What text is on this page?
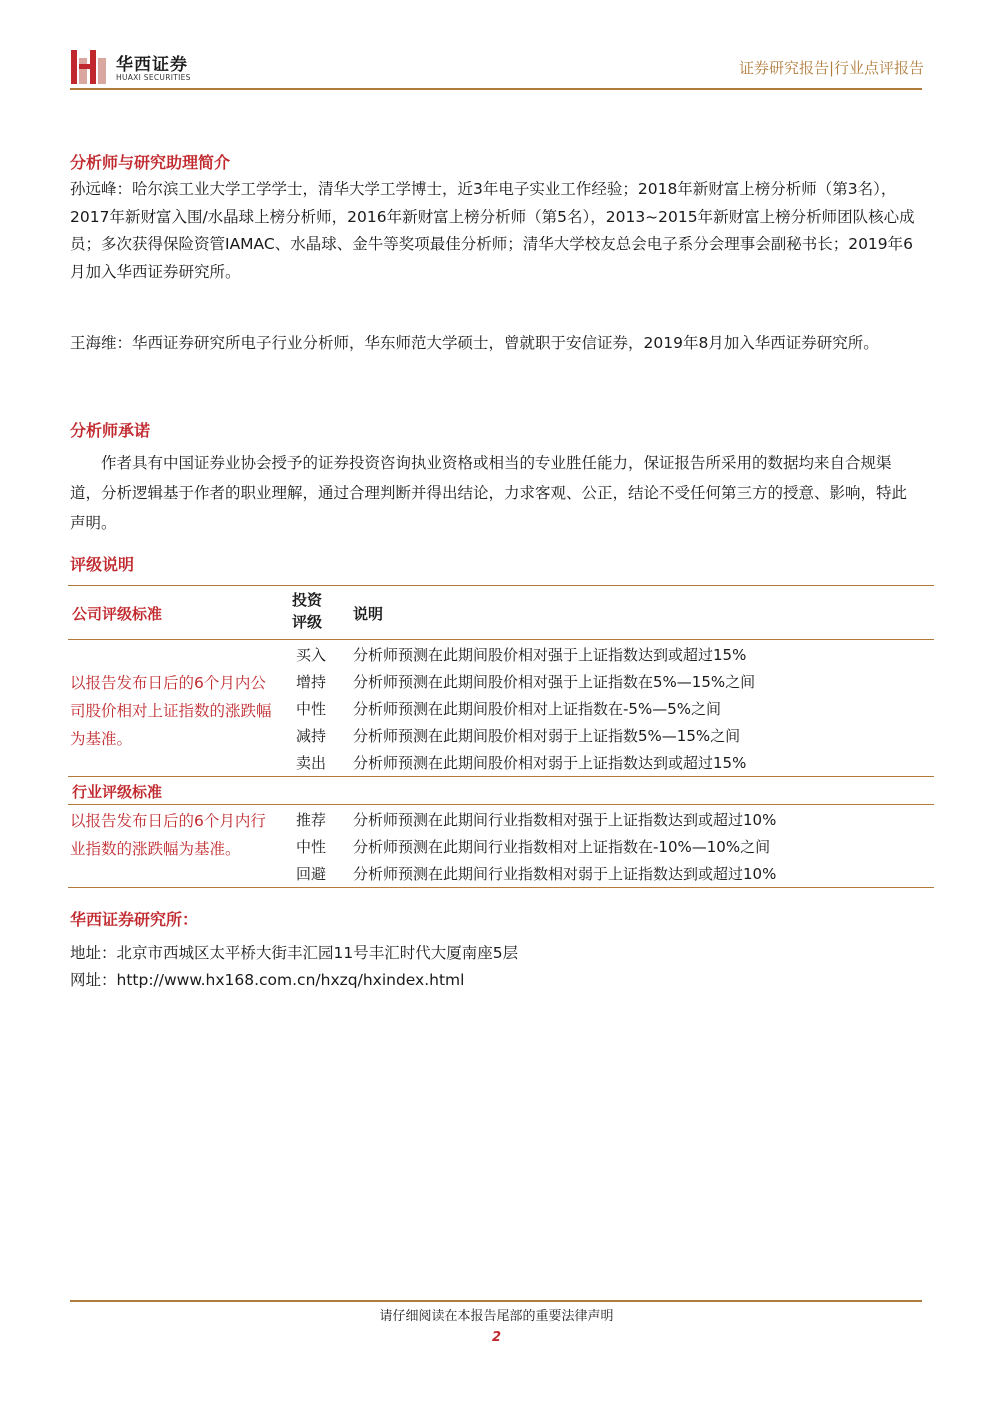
华西证券
HUAXI SECURITIES
证券研究报告|行业点评报告
分析师与研究助理简介
孙远峰：哈尔滨工业大学工学学士，清华大学工学博士，近3年电子实业工作经验；2018年新财富上榜分析师（第3名），2017年新财富入围/水晶球上榜分析师，2016年新财富上榜分析师（第5名），2013~2015年新财富上榜分析师团队核心成员；多次获得保险资管IAMAC、水晶球、金牛等奖项最佳分析师；清华大学校友总会电子系分会理事会副秘书长；2019年6月加入华西证券研究所。
王海维：华西证券研究所电子行业分析师，华东师范大学硕士，曾就职于安信证券，2019年8月加入华西证券研究所。
分析师承诺
作者具有中国证券业协会授予的证券投资咨询执业资格或相当的专业胜任能力，保证报告所采用的数据均来自合规渠道，分析逻辑基于作者的职业理解，通过合理判断并得出结论，力求客观、公正，结论不受任何第三方的授意、影响，特此声明。
评级说明
公司评级标准
投资评级 说明
以报告发布日后的6个月内公司股价相对上证指数的涨跌幅为基准。
买入	分析师预测在此期间股价相对强于上证指数达到或超过15%
增持	分析师预测在此期间股价相对强于上证指数在5%—15%之间
中性	分析师预测在此期间股价相对上证指数在-5%—5%之间
减持	分析师预测在此期间股价相对弱于上证指数5%—15%之间
卖出	分析师预测在此期间股价相对弱于上证指数达到或超过15%
行业评级标准
以报告发布日后的6个月内行业指数的涨跌幅为基准。
推荐	分析师预测在此期间行业指数相对强于上证指数达到或超过10%
中性	分析师预测在此期间行业指数相对上证指数在-10%—10%之间
回避	分析师预测在此期间行业指数相对弱于上证指数达到或超过10%
华西证券研究所：
地址：北京市西城区太平桥大街丰汇园11号丰汇时代大厦南座5层
网址：http://www.hx168.com.cn/hxzq/hxindex.html
请仔细阅读在本报告尾部的重要法律声明
2
